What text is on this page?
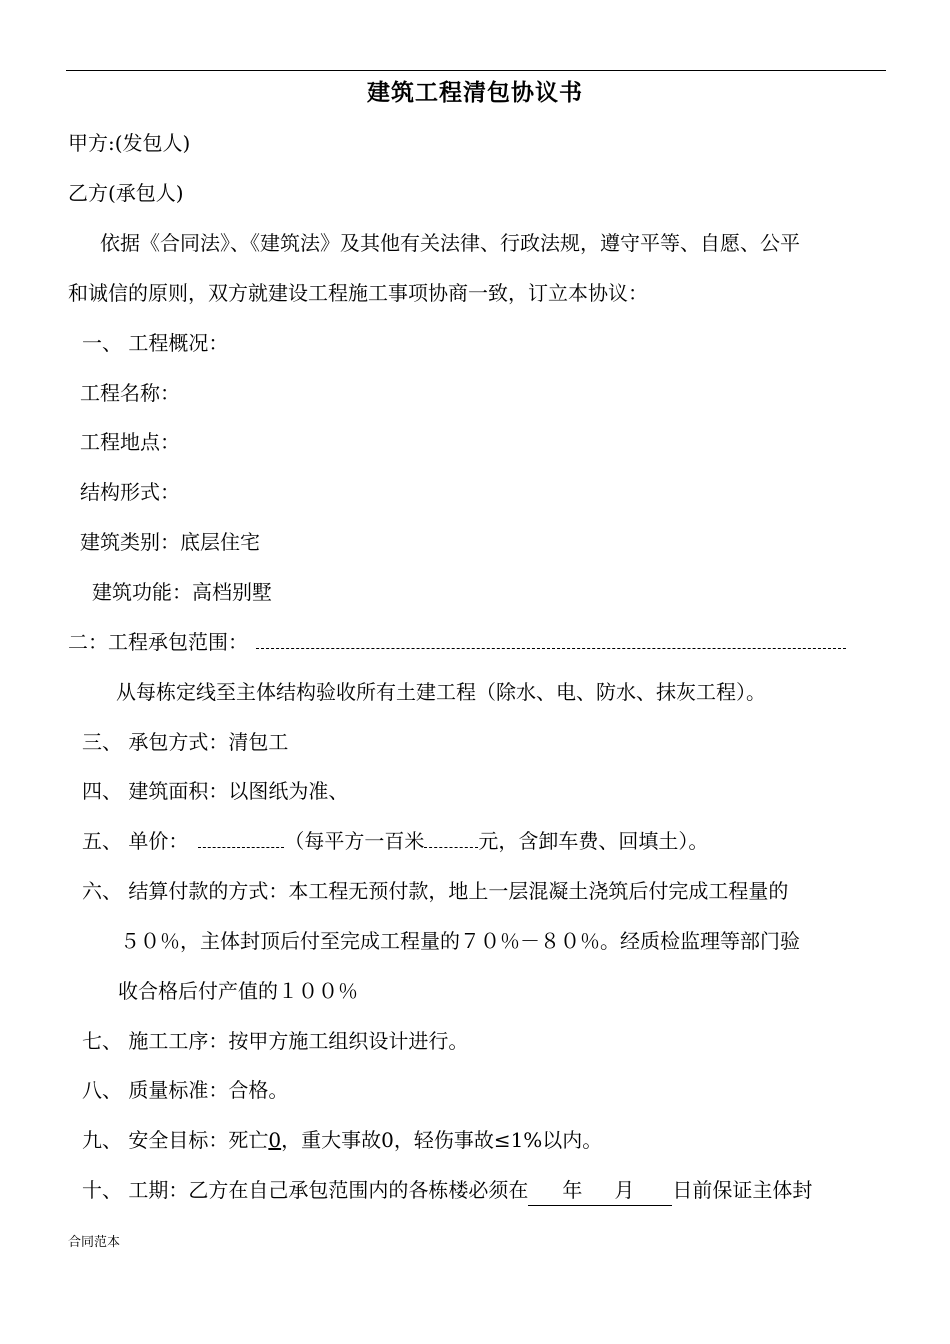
建筑工程清包协议书
甲方:(发包人)
乙方(承包人)
依据《合同法》、《建筑法》及其他有关法律、行政法规，遵守平等、自愿、公平
和诚信的原则，双方就建设工程施工事项协商一致，订立本协议：
一、 工程概况：
工程名称：
工程地点：
结构形式：
建筑类别：底层住宅
建筑功能：高档别墅
二：工程承包范围：
从每栋定线至主体结构验收所有土建工程（除水、电、防水、抹灰工程）。
三、 承包方式：清包工
四、 建筑面积：以图纸为准、
五、 单价：	（每平方一百米	元，含卸车费、回填土）。
六、 结算付款的方式：本工程无预付款，地上一层混凝土浇筑后付完成工程量的
５０％，主体封顶后付至完成工程量的７０％－８０％。经质检监理等部门验
收合格后付产值的１００％
七、 施工工序：按甲方施工组织设计进行。
八、 质量标准：合格。
九、 安全目标：死亡0，重大事故0，轻伤事故≤1%以内。
十、 工期：乙方在自己承包范围内的各栋楼必须在 年 月 日前保证主体封
合同范本
